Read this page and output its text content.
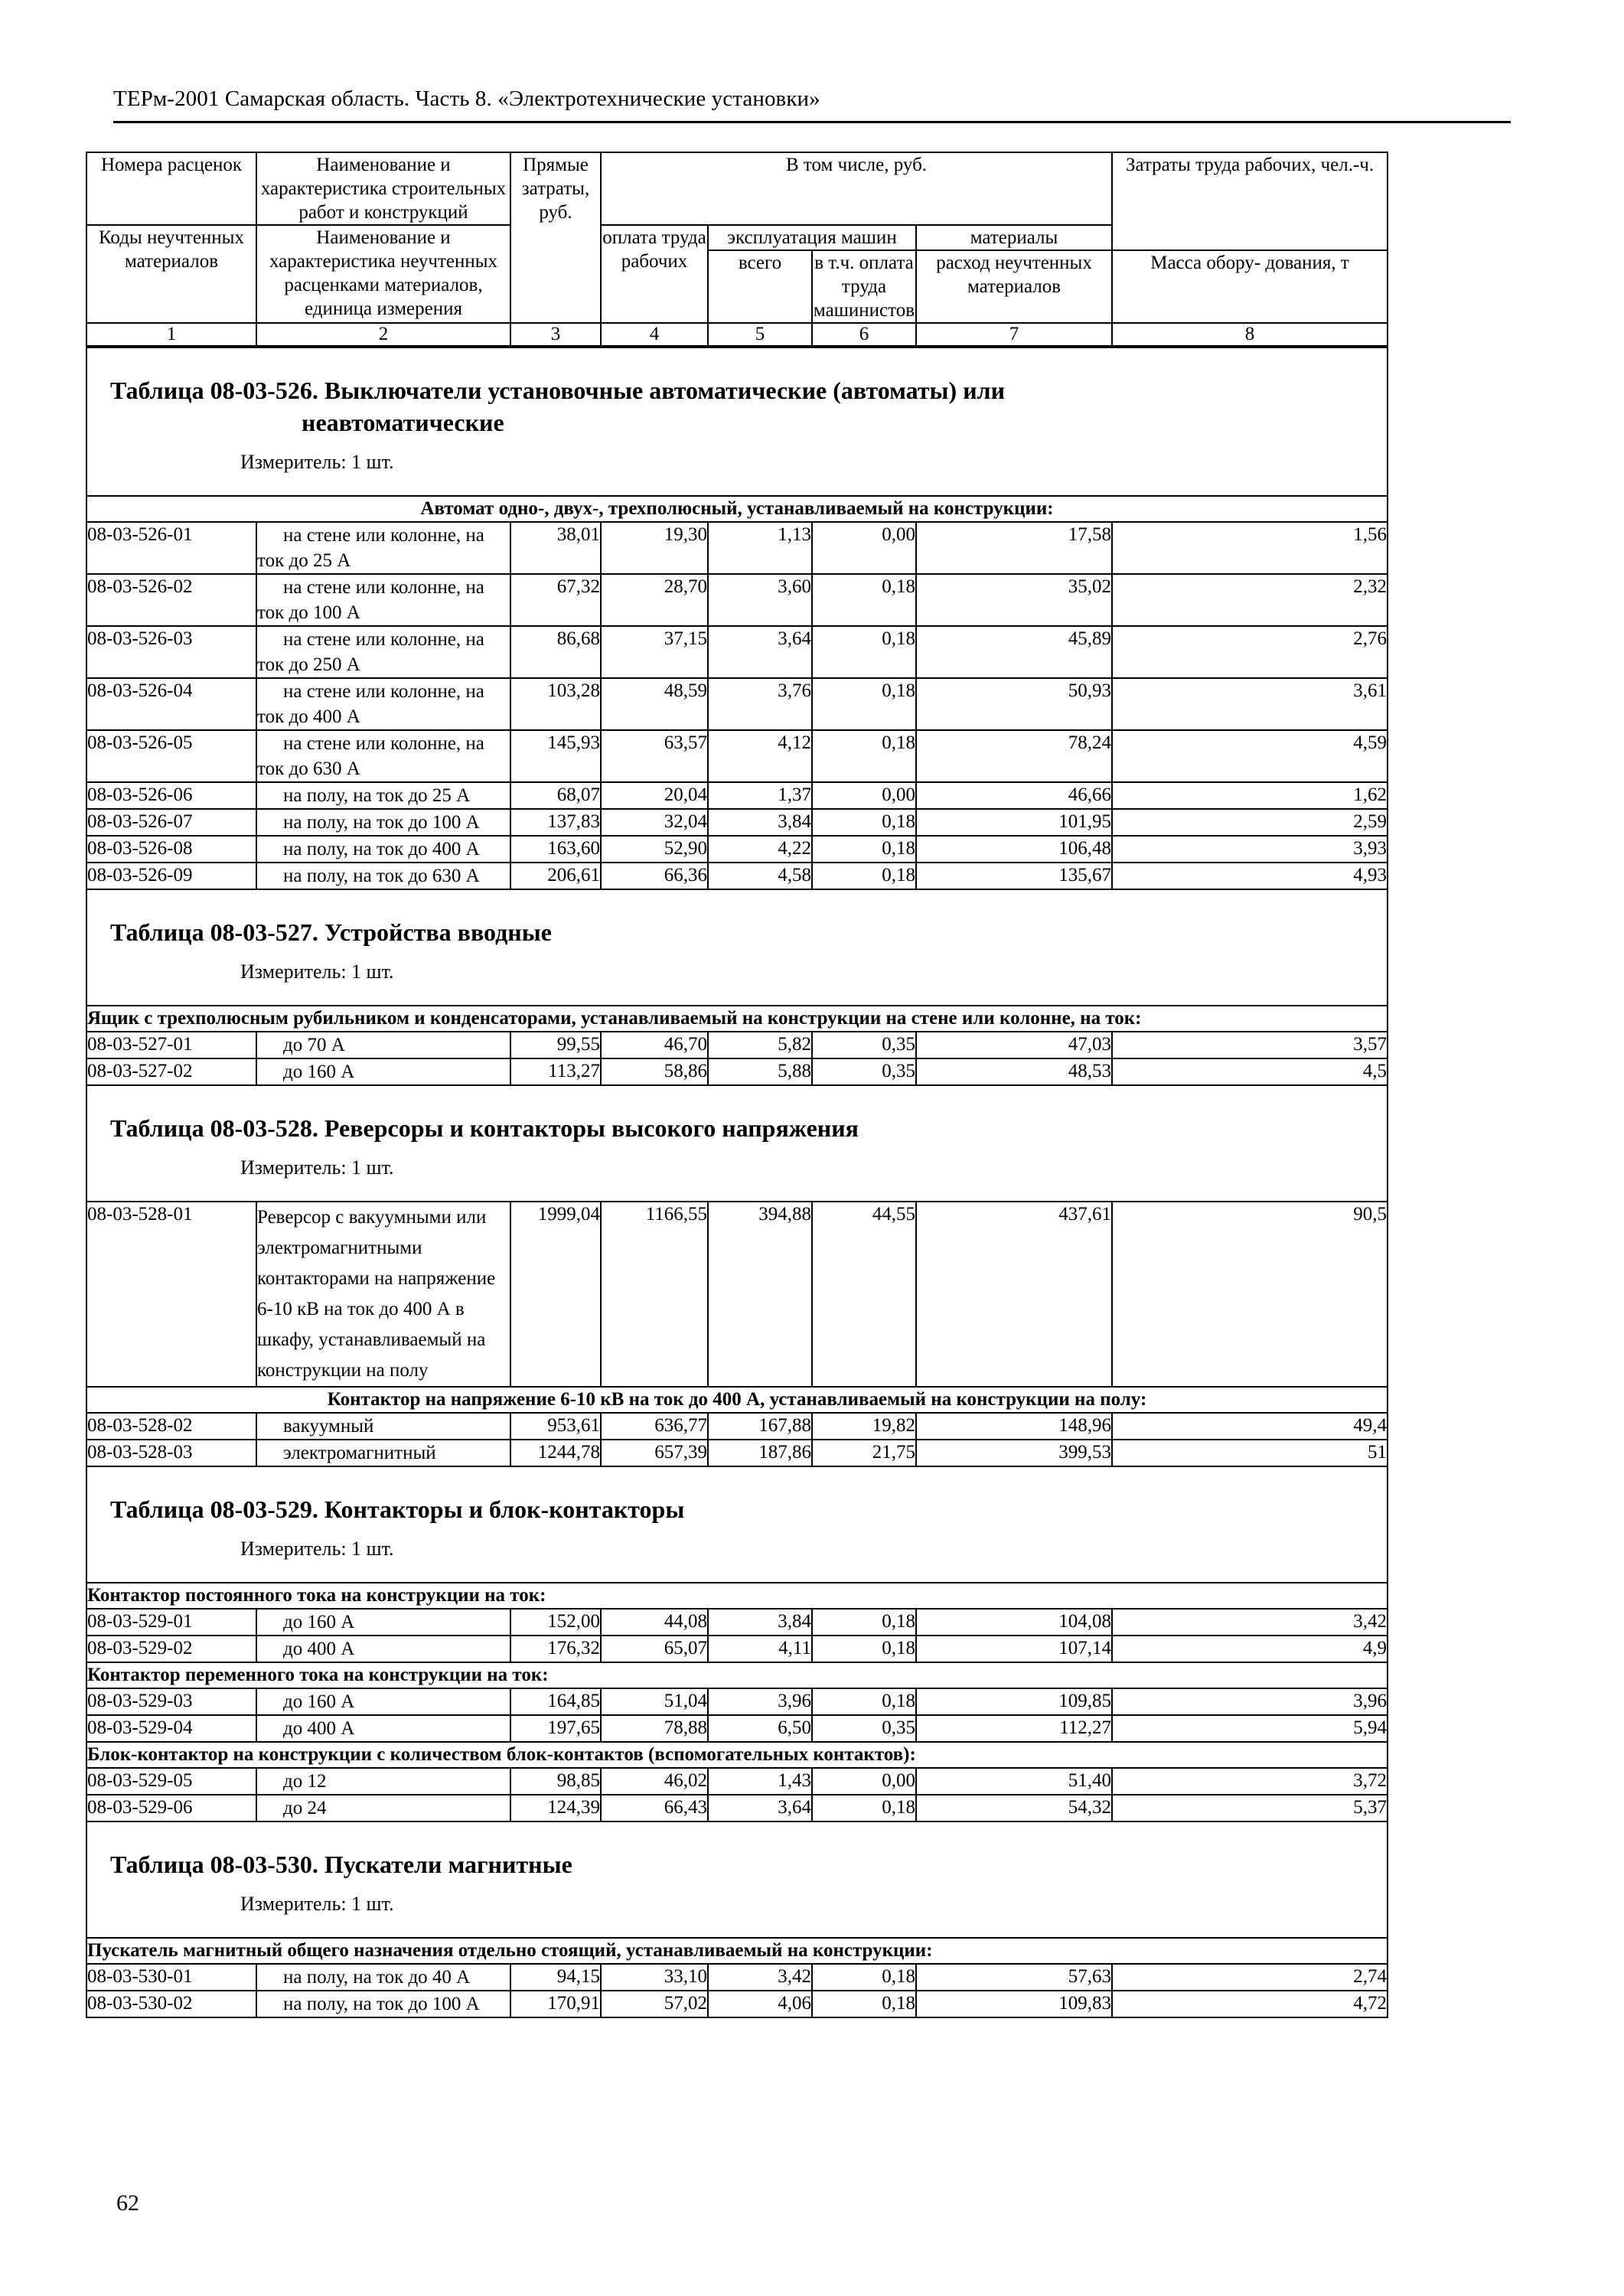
ТЕРм-2001 Самарская область. Часть 8. «Электротехнические установки»
Номера расценок	Наименование и характеристика строительных работ и конструкций	Прямые затраты, руб.	В том числе, руб.				Затраты труда рабочих, чел.-ч.
Коды неучтенных материалов	Наименование и характеристика неучтенных расценками материалов, единица измерения		оплата труда рабочих	эксплуатация машин		материалы	
				всего	в т.ч. оплата труда машинистов	расход неучтенных материалов	Масса обору- дования, т
1	2	3	4	5	6	7	8

Таблица 08-03-526. Выключатели установочные автоматические (автоматы) или
неавтоматические
Измеритель: 1 шт.							

Автомат одно-, двух-, трехполюсный, устанавливаемый на конструкции:							
08-03-526-01	на стене или колонне, на ток до 25 А	38,01	19,30	1,13	0,00	17,58	1,56
08-03-526-02	на стене или колонне, на ток до 100 А	67,32	28,70	3,60	0,18	35,02	2,32
08-03-526-03	на стене или колонне, на ток до 250 А	86,68	37,15	3,64	0,18	45,89	2,76
08-03-526-04	на стене или колонне, на ток до 400 А	103,28	48,59	3,76	0,18	50,93	3,61
08-03-526-05	на стене или колонне, на ток до 630 А	145,93	63,57	4,12	0,18	78,24	4,59
08-03-526-06	на полу, на ток до 25 А	68,07	20,04	1,37	0,00	46,66	1,62
08-03-526-07	на полу, на ток до 100 А	137,83	32,04	3,84	0,18	101,95	2,59
08-03-526-08	на полу, на ток до 400 А	163,60	52,90	4,22	0,18	106,48	3,93
08-03-526-09	на полу, на ток до 630 А	206,61	66,36	4,58	0,18	135,67	4,93

Таблица 08-03-527. Устройства вводные
Измеритель: 1 шт.							

Ящик с трехполюсным рубильником и конденсаторами, устанавливаемый на конструкции на стене или колонне, на ток:							
08-03-527-01	до 70 А	99,55	46,70	5,82	0,35	47,03	3,57
08-03-527-02	до 160 А	113,27	58,86	5,88	0,35	48,53	4,5

Таблица 08-03-528. Реверсоры и контакторы высокого напряжения
Измеритель: 1 шт.							

08-03-528-01	Реверсор с вакуумными или электромагнитными контакторами на напряжение 6-10 кВ на ток до 400 А в шкафу, устанавливаемый на конструкции на полу	1999,04	1166,55	394,88	44,55	437,61	90,5
Контактор на напряжение 6-10 кВ на ток до 400 А, устанавливаемый на конструкции на полу:							
08-03-528-02	вакуумный	953,61	636,77	167,88	19,82	148,96	49,4
08-03-528-03	электромагнитный	1244,78	657,39	187,86	21,75	399,53	51

Таблица 08-03-529. Контакторы и блок-контакторы
Измеритель: 1 шт.							

Контактор постоянного тока на конструкции на ток:							
08-03-529-01	до 160 А	152,00	44,08	3,84	0,18	104,08	3,42
08-03-529-02	до 400 А	176,32	65,07	4,11	0,18	107,14	4,9
Контактор переменного тока на конструкции на ток:							
08-03-529-03	до 160 А	164,85	51,04	3,96	0,18	109,85	3,96
08-03-529-04	до 400 А	197,65	78,88	6,50	0,35	112,27	5,94
Блок-контактор на конструкции с количеством блок-контактов (вспомогательных контактов):							
08-03-529-05	до 12	98,85	46,02	1,43	0,00	51,40	3,72
08-03-529-06	до 24	124,39	66,43	3,64	0,18	54,32	5,37

Таблица 08-03-530. Пускатели магнитные
Измеритель: 1 шт.							

Пускатель магнитный общего назначения отдельно стоящий, устанавливаемый на конструкции:							
08-03-530-01	на полу, на ток до 40 А	94,15	33,10	3,42	0,18	57,63	2,74
08-03-530-02	на полу, на ток до 100 А	170,91	57,02	4,06	0,18	109,83	4,72
62
